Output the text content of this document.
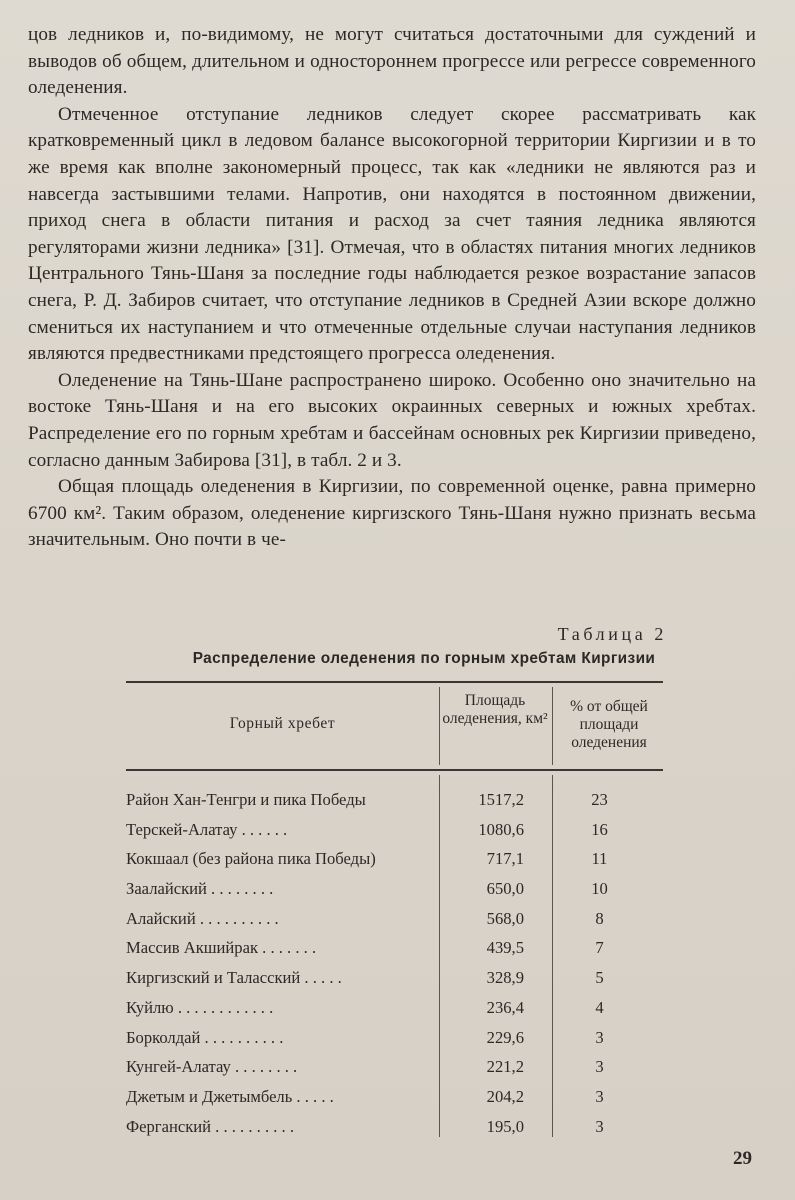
цов ледников и, по-видимому, не могут считаться достаточными для суждений и выводов об общем, длительном и одностороннем прогрессе или регрессе современного оледенения.

Отмеченное отступание ледников следует скорее рассматривать как кратковременный цикл в ледовом балансе высокогорной территории Киргизии и в то же время как вполне закономерный процесс, так как «ледники не являются раз и навсегда застывшими телами. Напротив, они находятся в постоянном движении, приход снега в области питания и расход за счет таяния ледника являются регуляторами жизни ледника» [31]. Отмечая, что в областях питания многих ледников Центрального Тянь-Шаня за последние годы наблюдается резкое возрастание запасов снега, Р. Д. Забиров считает, что отступание ледников в Средней Азии вскоре должно смениться их наступанием и что отмеченные отдельные случаи наступания ледников являются предвестниками предстоящего прогресса оледенения.

Оледенение на Тянь-Шане распространено широко. Особенно оно значительно на востоке Тянь-Шаня и на его высоких окраинных северных и южных хребтах. Распределение его по горным хребтам и бассейнам основных рек Киргизии приведено, согласно данным Забирова [31], в табл. 2 и 3.

Общая площадь оледенения в Киргизии, по современной оценке, равна примерно 6700 км². Таким образом, оледенение киргизского Тянь-Шаня нужно признать весьма значительным. Оно почти в че-

Таблица 2
Распределение оледенения по горным хребтам Киргизии
Горный хребет
Площадь оледенения, км²
% от общей площади оледенения
Район Хан-Тенгри и пика Победы	1517,2	23
Терскей-Алатау . . . . . .	1080,6	16
Кокшаал (без района пика Победы)	717,1	11
Заалайский . . . . . . . .	650,0	10
Алайский . . . . . . . . . .	568,0	8
Массив Акшийрак . . . . . . .	439,5	7
Киргизский и Таласский . . . . .	328,9	5
Куйлю . . . . . . . . . . . .	236,4	4
Борколдай . . . . . . . . . .	229,6	3
Кунгей-Алатау . . . . . . . .	221,2	3
Джетым и Джетымбель . . . . .	204,2	3
Ферганский . . . . . . . . . .	195,0	3
29
